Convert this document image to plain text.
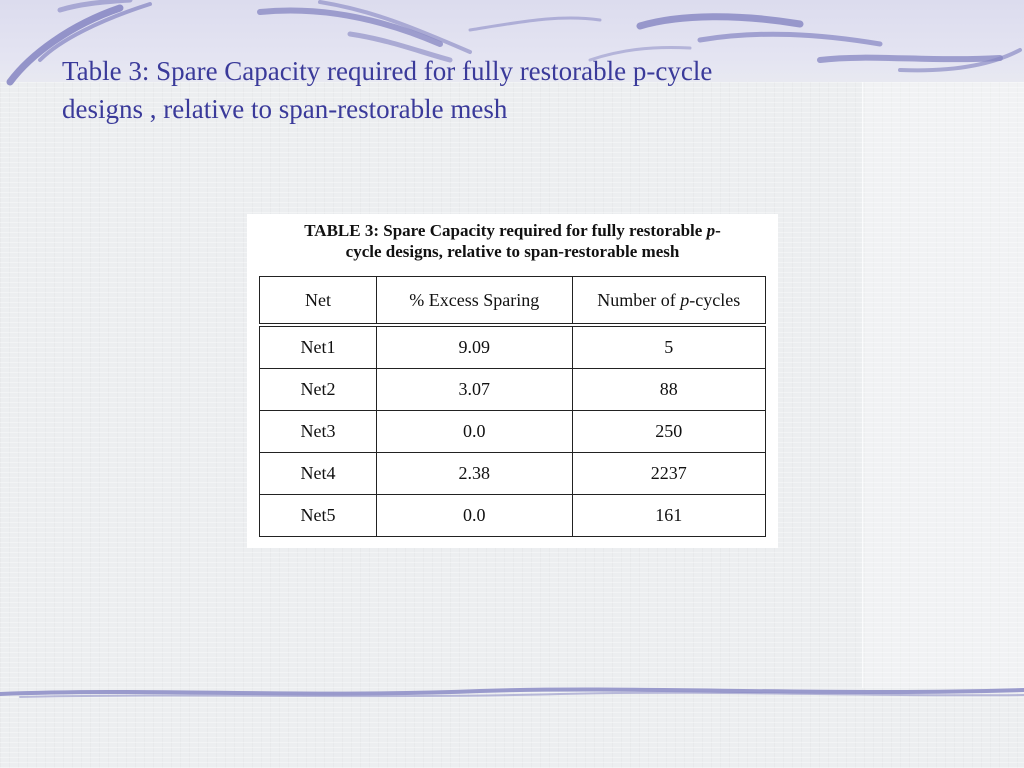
Table 3: Spare Capacity required for fully restorable p-cycle
designs , relative to span-restorable mesh
TABLE 3: Spare Capacity required for fully restorable p-
cycle designs, relative to span-restorable mesh
Net	% Excess Sparing	Number of p-cycles
Net1	9.09	5
Net2	3.07	88
Net3	0.0	250
Net4	2.38	2237
Net5	0.0	161
